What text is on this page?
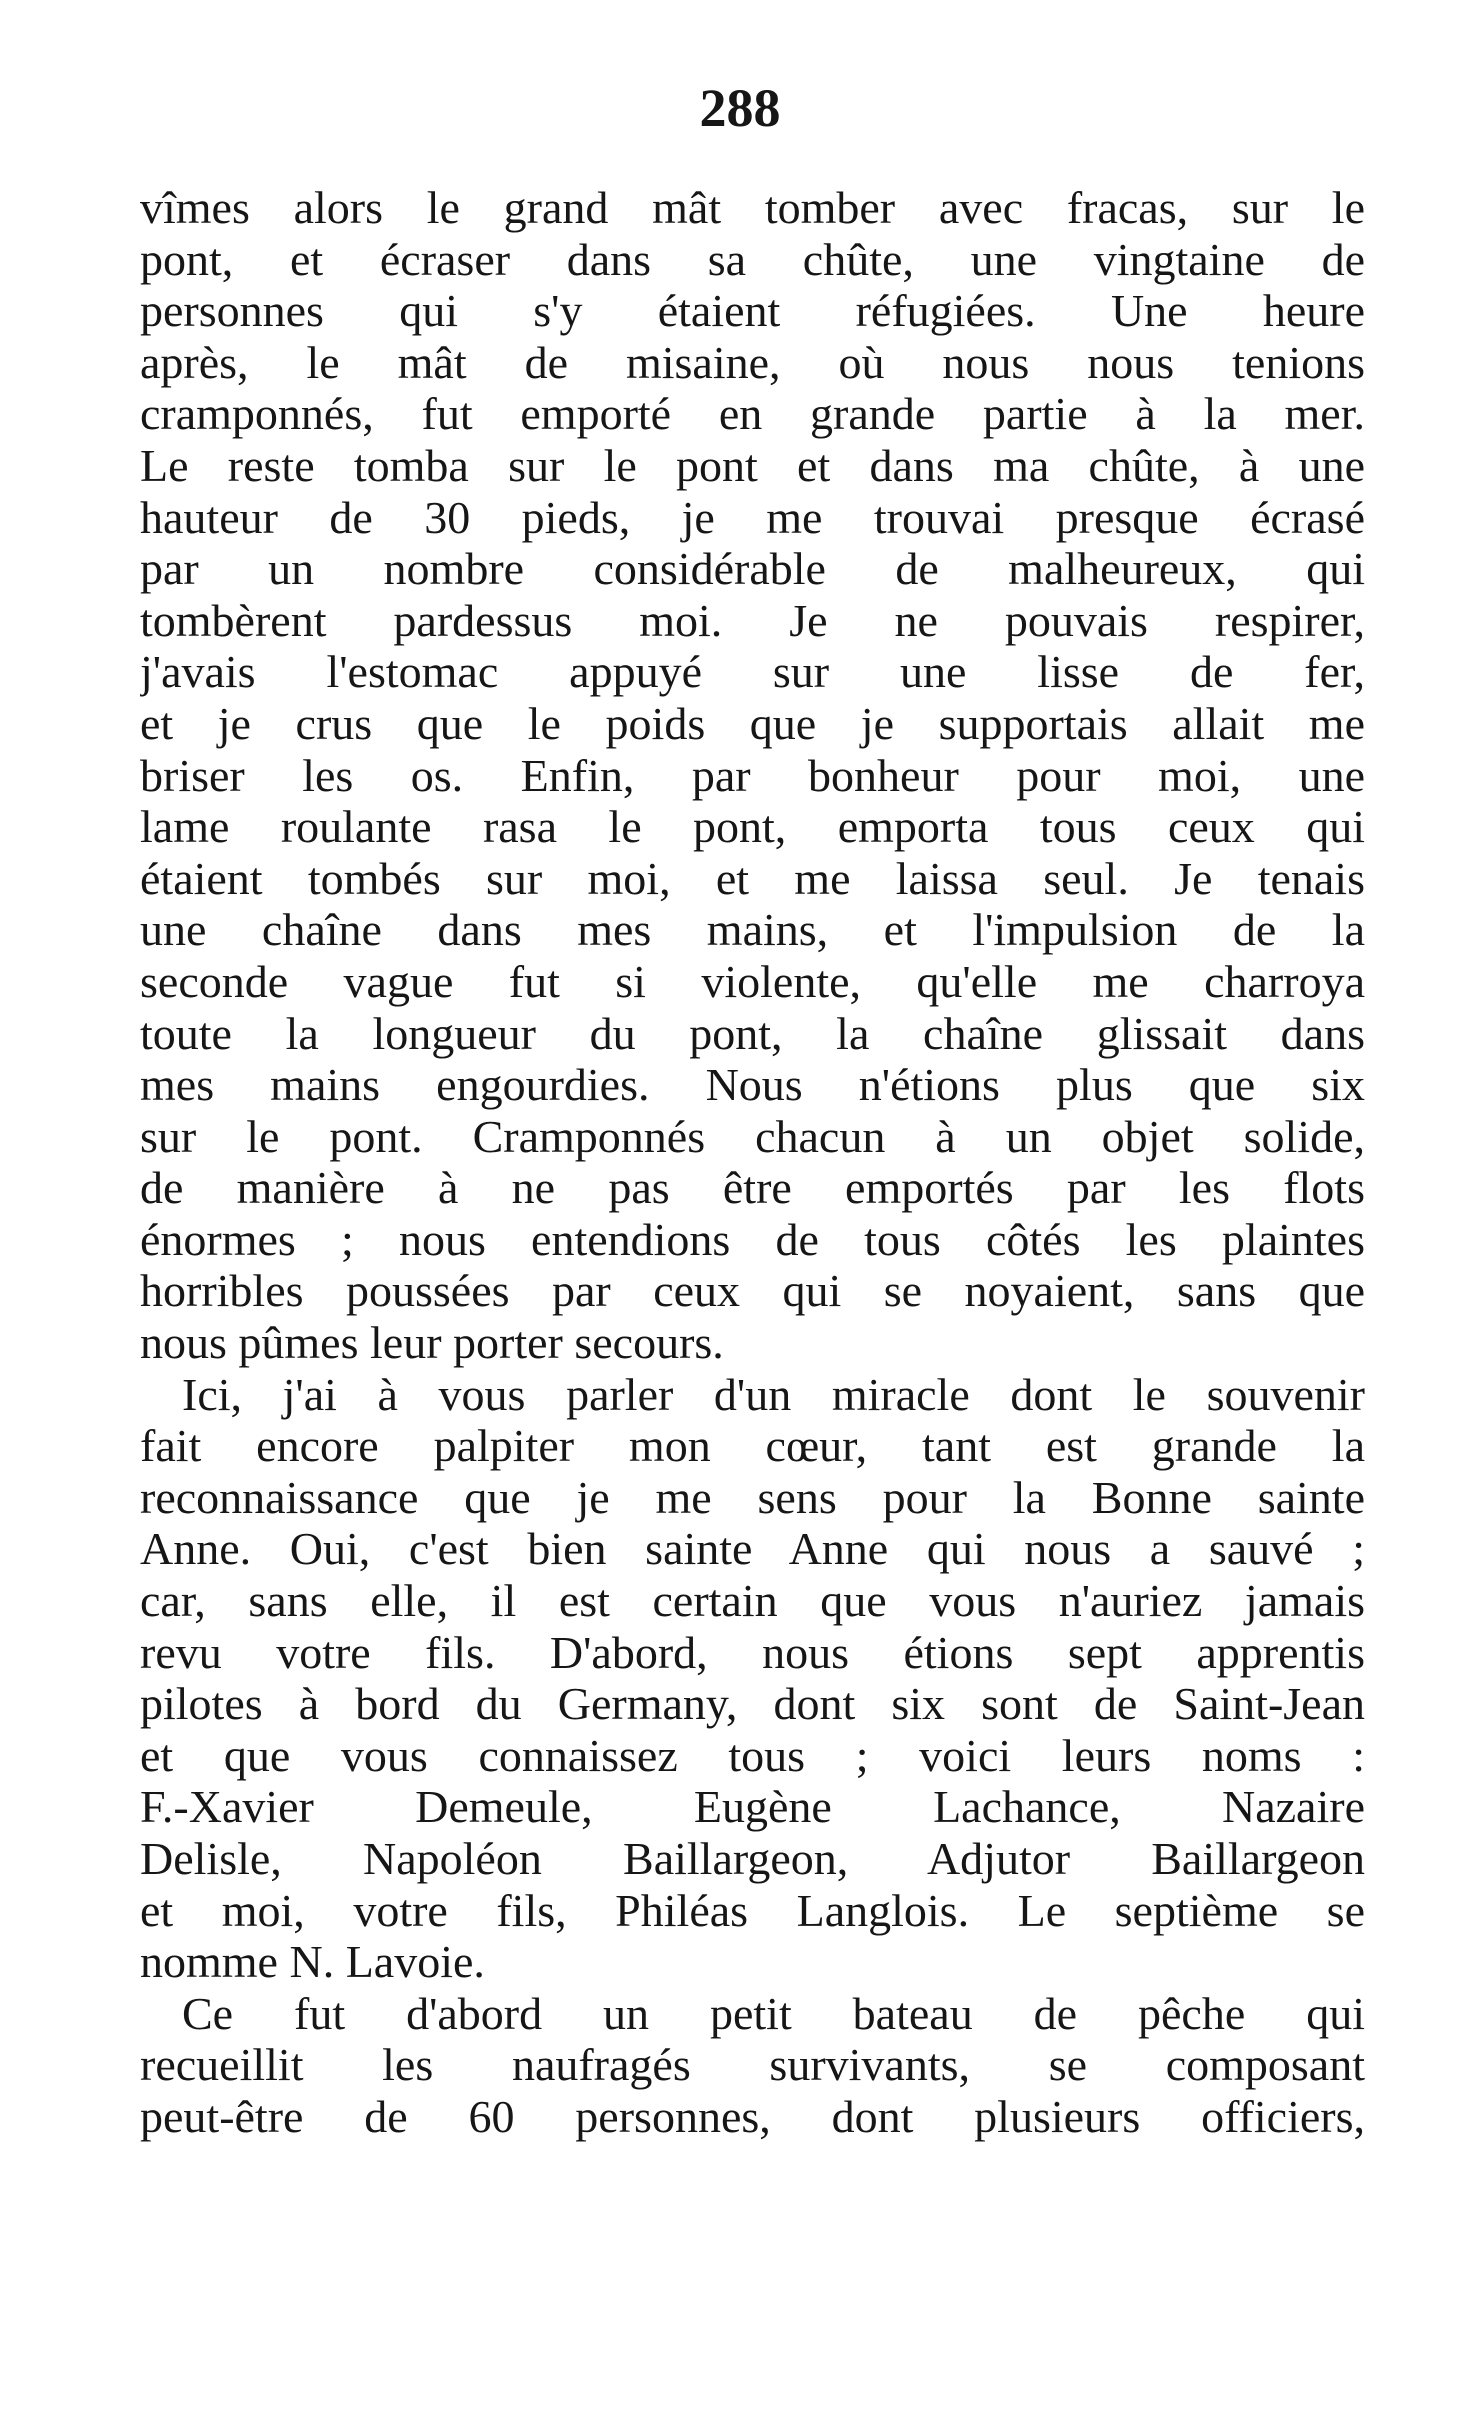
288
vîmes alors le grand mât tomber avec fracas, sur le
pont, et écraser dans sa chûte, une vingtaine de
personnes qui s'y étaient réfugiées. Une heure
après, le mât de misaine, où nous nous tenions
cramponnés, fut emporté en grande partie à la mer.
Le reste tomba sur le pont et dans ma chûte, à une
hauteur de 30 pieds, je me trouvai presque écrasé
par un nombre considérable de malheureux, qui
tombèrent pardessus moi. Je ne pouvais respirer,
j'avais l'estomac appuyé sur une lisse de fer,
et je crus que le poids que je supportais allait me
briser les os. Enfin, par bonheur pour moi, une
lame roulante rasa le pont, emporta tous ceux qui
étaient tombés sur moi, et me laissa seul. Je tenais
une chaîne dans mes mains, et l'impulsion de la
seconde vague fut si violente, qu'elle me charroya
toute la longueur du pont, la chaîne glissait dans
mes mains engourdies. Nous n'étions plus que six
sur le pont. Cramponnés chacun à un objet solide,
de manière à ne pas être emportés par les flots
énormes ; nous entendions de tous côtés les plaintes
horribles poussées par ceux qui se noyaient, sans que
nous pûmes leur porter secours.
Ici, j'ai à vous parler d'un miracle dont le souvenir
fait encore palpiter mon cœur, tant est grande la
reconnaissance que je me sens pour la Bonne sainte
Anne. Oui, c'est bien sainte Anne qui nous a sauvé ;
car, sans elle, il est certain que vous n'auriez jamais
revu votre fils. D'abord, nous étions sept apprentis
pilotes à bord du Germany, dont six sont de Saint-Jean
et que vous connaissez tous ; voici leurs noms :
F.-Xavier Demeule, Eugène Lachance, Nazaire
Delisle, Napoléon Baillargeon, Adjutor Baillargeon
et moi, votre fils, Philéas Langlois. Le septième se
nomme N. Lavoie.
Ce fut d'abord un petit bateau de pêche qui
recueillit les naufragés survivants, se composant
peut-être de 60 personnes, dont plusieurs officiers,
